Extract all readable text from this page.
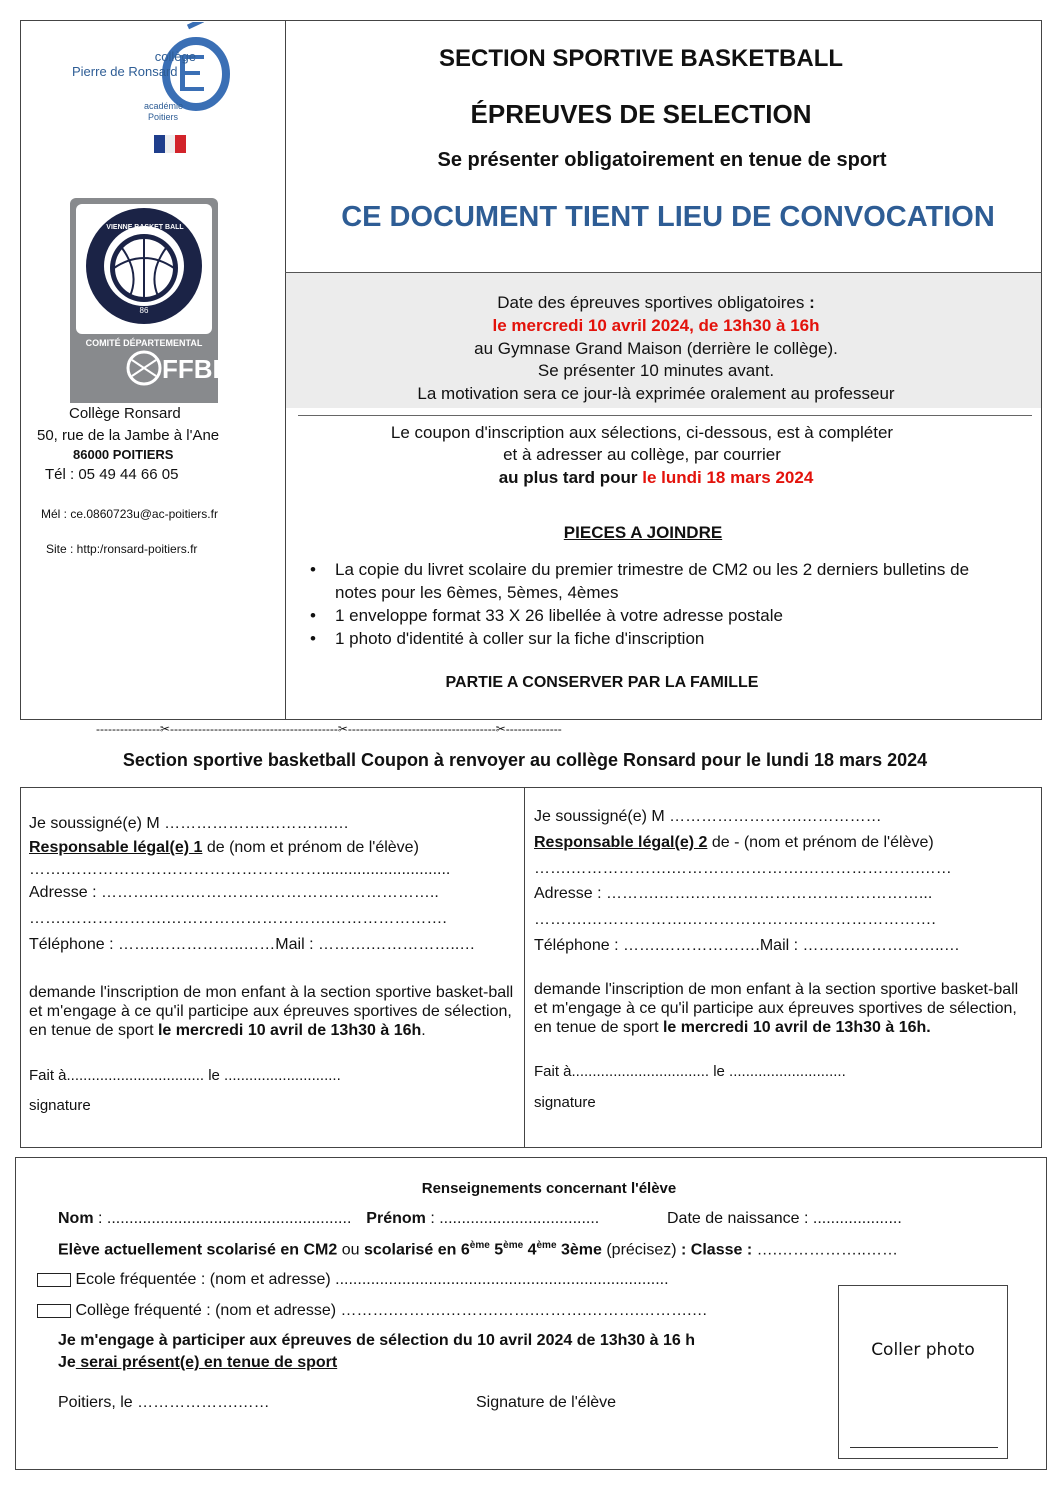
collège
Pierre de Ronsard
académie
Poitiers
VIENNE BASKET BALL
86
COMITÉ DÉPARTEMENTAL
FFBB
Collège Ronsard
50, rue de la Jambe à l'Ane
86000 POITIERS
Tél : 05 49 44 66 05
Mél : ce.0860723u@ac-poitiers.fr
Site : http:/ronsard-poitiers.fr
SECTION SPORTIVE BASKETBALL
ÉPREUVES DE SELECTION
Se présenter obligatoirement en tenue de sport
CE DOCUMENT TIENT LIEU DE CONVOCATION
Date des épreuves sportives obligatoires :
le mercredi 10 avril 2024, de 13h30 à 16h
au Gymnase Grand Maison (derrière le collège).
Se présenter 10 minutes avant.
La motivation sera ce jour-là exprimée oralement au professeur
Le coupon d'inscription aux sélections, ci-dessous, est à compléter
et à adresser au collège, par courrier
au plus tard pour le lundi 18 mars 2024
PIECES A JOINDRE
•	La copie du livret scolaire du premier trimestre de CM2 ou les 2 derniers bulletins de notes pour les 6èmes, 5èmes, 4èmes
•	1 enveloppe format 33 X 26 libellée à votre adresse postale
•	1 photo d'identité à coller sur la fiche d'inscription
PARTIE A CONSERVER PAR LA FAMILLE
----------------✂------------------------------------------✂-------------------------------------✂--------------
Section sportive basketball Coupon à renvoyer au collège Ronsard pour le lundi 18 mars 2024
Je soussigné(e) M ……………….………….…
Responsable légal(e) 1 de (nom et prénom de l'élève)
…….………………………………………….............................
Adresse : ……….…….………………………………………..
…….……………….………………………….………………….
Téléphone : …….……………..……Mail : ……….……………..…
demande l'inscription de mon enfant à la section sportive basket-ball et m'engage à ce qu'il participe aux épreuves sportives de sélection, en tenue de sport le mercredi 10 avril de 13h30 à 16h.
Fait à................................. le ............................
signature
Je soussigné(e) M …………………….……………
Responsable légal(e) 2 de - (nom et prénom de l'élève)
…….……………….…………………….………………….……
Adresse : ……….…….……………………………………...
……….……………….………………….…………………….
Téléphone : …….……………….Mail : ……….……………..…
demande l'inscription de mon enfant à la section sportive basket-ball et m'engage à ce qu'il participe aux épreuves sportives de sélection, en tenue de sport le mercredi 10 avril de 13h30 à 16h.
Fait à................................. le ............................
signature
Renseignements concernant l'élève
Nom : ....................................................... Prénom : ....................................	Date de naissance : ....................
Elève actuellement scolarisé en CM2 ou scolarisé en 6ème 5ème 4ème 3ème (précisez) : Classe : ….……………..……
Ecole fréquentée : (nom et adresse) ...........................................................................
Collège fréquenté : (nom et adresse) ……….……….……….…….……….……….……….…
Coller photo
Je m'engage à participer aux épreuves de sélection du 10 avril 2024 de 13h30 à 16 h
Je serai présent(e) en tenue de sport
Poitiers, le ……………….……	Signature de l'élève
